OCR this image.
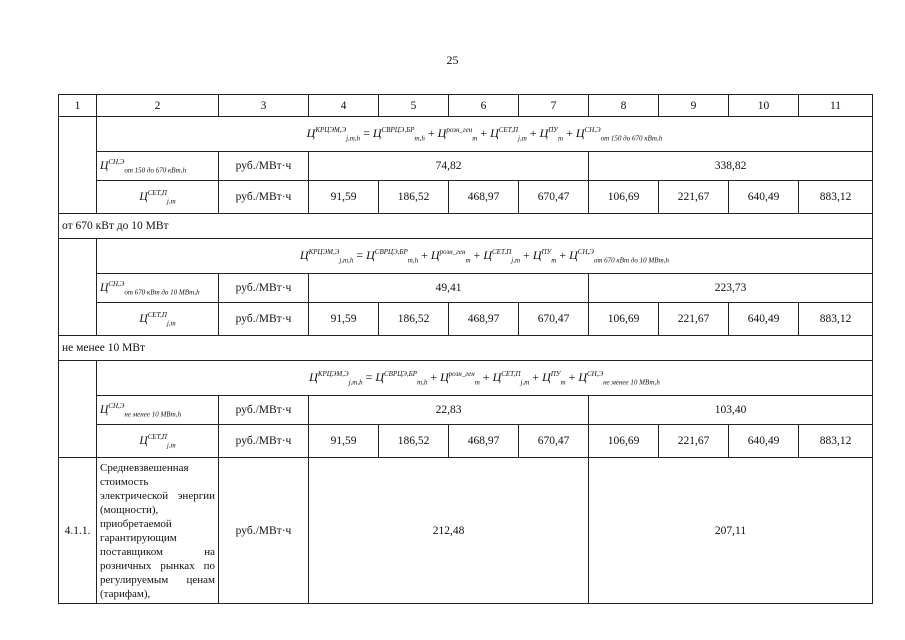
25
1	2	3	4	5	6	7	8	9	10	11
	$Ц^{КРЦЭМ,Э}_{j,m,h} = Ц^{СВРЦЭ,БР}_{m,h} + Ц^{розн\_ген}_m + Ц^{СЕТ,П}_{j,m} + Ц^{ПУ}_m + Ц^{СН,Э}_{от 150 до 670 кВт,h}$
	$Ц^{СН,Э}_{от 150 до 670 кВт,h}$	руб./МВт·ч	74,82				338,82			
	$Ц^{СЕТ,П}_{j,m}$	руб./МВт·ч	91,59	186,52	468,97	670,47	106,69	221,67	640,49	883,12
от 670 кВт до 10 МВт										
	$Ц^{КРЦЭМ,Э}_{j,m,h} = Ц^{СВРЦЭ,БР}_{m,h} + Ц^{розн\_ген}_m + Ц^{СЕТ,П}_{j,m} + Ц^{ПУ}_m + Ц^{СН,Э}_{от 670 кВт до 10 МВт,h}$
	$Ц^{СН,Э}_{от 670 кВт до 10 МВт,h}$	руб./МВт·ч	49,41				223,73			
	$Ц^{СЕТ,П}_{j,m}$	руб./МВт·ч	91,59	186,52	468,97	670,47	106,69	221,67	640,49	883,12
не менее 10 МВт										
	$Ц^{КРЦЭМ,Э}_{j,m,h} = Ц^{СВРЦЭ,БР}_{m,h} + Ц^{розн\_ген}_m + Ц^{СЕТ,П}_{j,m} + Ц^{ПУ}_m + Ц^{СН,Э}_{не менее 10 МВт,h}$
	$Ц^{СН,Э}_{не менее 10 МВт,h}$	руб./МВт·ч	22,83				103,40			
	$Ц^{СЕТ,П}_{j,m}$	руб./МВт·ч	91,59	186,52	468,97	670,47	106,69	221,67	640,49	883,12
4.1.1.	Средневзвешенная стоимость электрической энергии (мощности), приобретаемой гарантирующим поставщиком на розничных рынках по регулируемым ценам (тарифам),	руб./МВт·ч	212,48				207,11			
